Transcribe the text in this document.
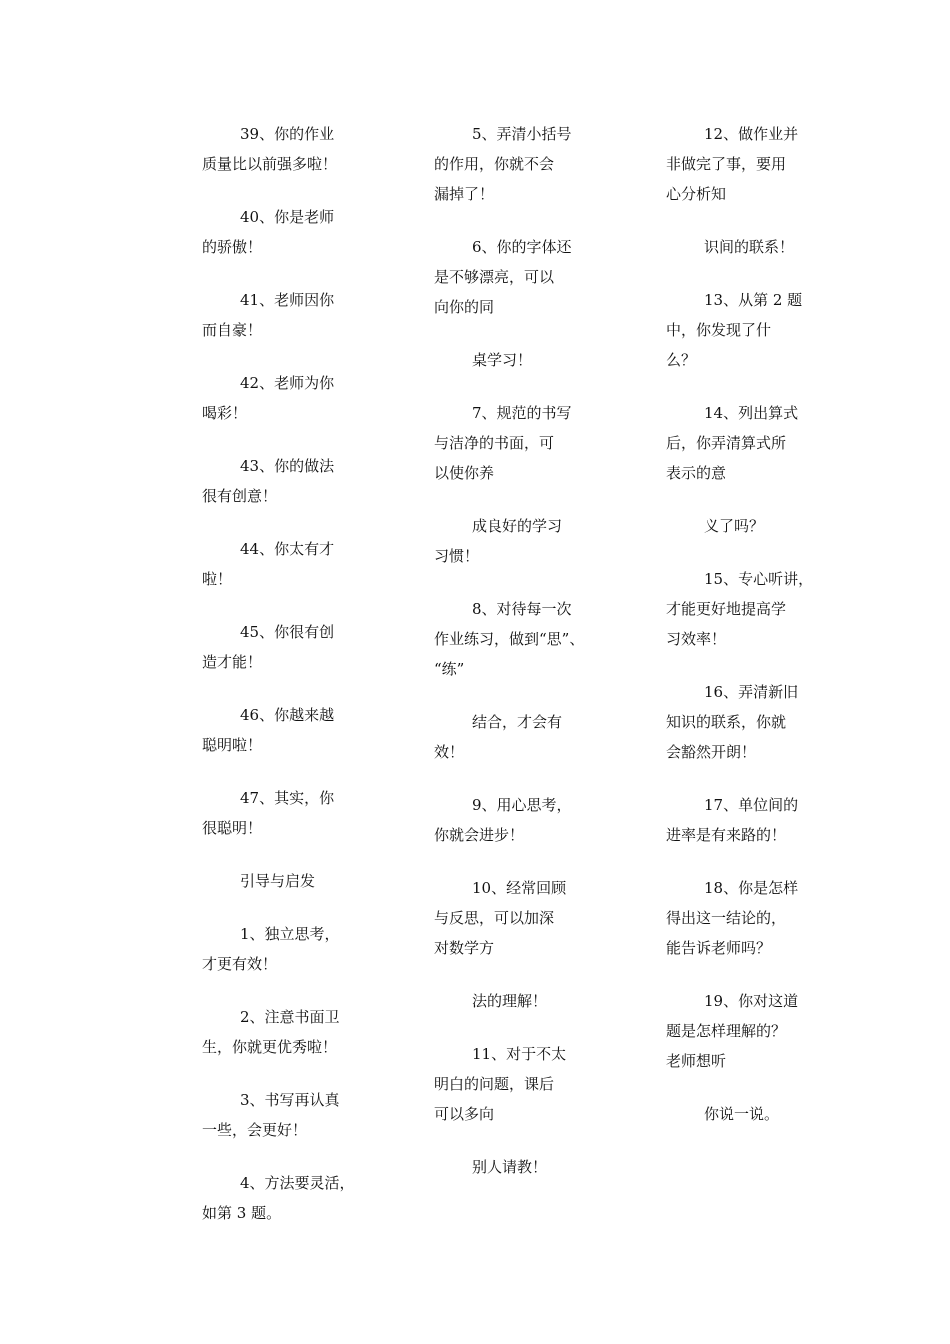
39、你的作业
质量比以前强多啦！

40、你是老师
的骄傲！

41、老师因你
而自豪！

42、老师为你
喝彩！

43、你的做法
很有创意！

44、你太有才
啦！

45、你很有创
造才能！

46、你越来越
聪明啦！

47、其实，你
很聪明！

引导与启发

1、独立思考，
才更有效！

2、注意书面卫
生，你就更优秀啦！

3、书写再认真
一些，会更好！

4、方法要灵活，
如第 3 题。

5、弄清小括号
的作用，你就不会
漏掉了！

6、你的字体还
是不够漂亮，可以
向你的同

桌学习！

7、规范的书写
与洁净的书面，可
以使你养

成良好的学习
习惯！

8、对待每一次
作业练习，做到“思”、
“练”

结合，才会有
效！

9、用心思考，
你就会进步！

10、经常回顾
与反思，可以加深
对数学方

法的理解！

11、对于不太
明白的问题，课后
可以多向

别人请教！

12、做作业并
非做完了事，要用
心分析知

识间的联系！

13、从第 2 题
中，你发现了什
么？

14、列出算式
后，你弄清算式所
表示的意

义了吗？

15、专心听讲，
才能更好地提高学
习效率！

16、弄清新旧
知识的联系，你就
会豁然开朗！

17、单位间的
进率是有来路的！

18、你是怎样
得出这一结论的，
能告诉老师吗？

19、你对这道
题是怎样理解的？
老师想听

你说一说。
